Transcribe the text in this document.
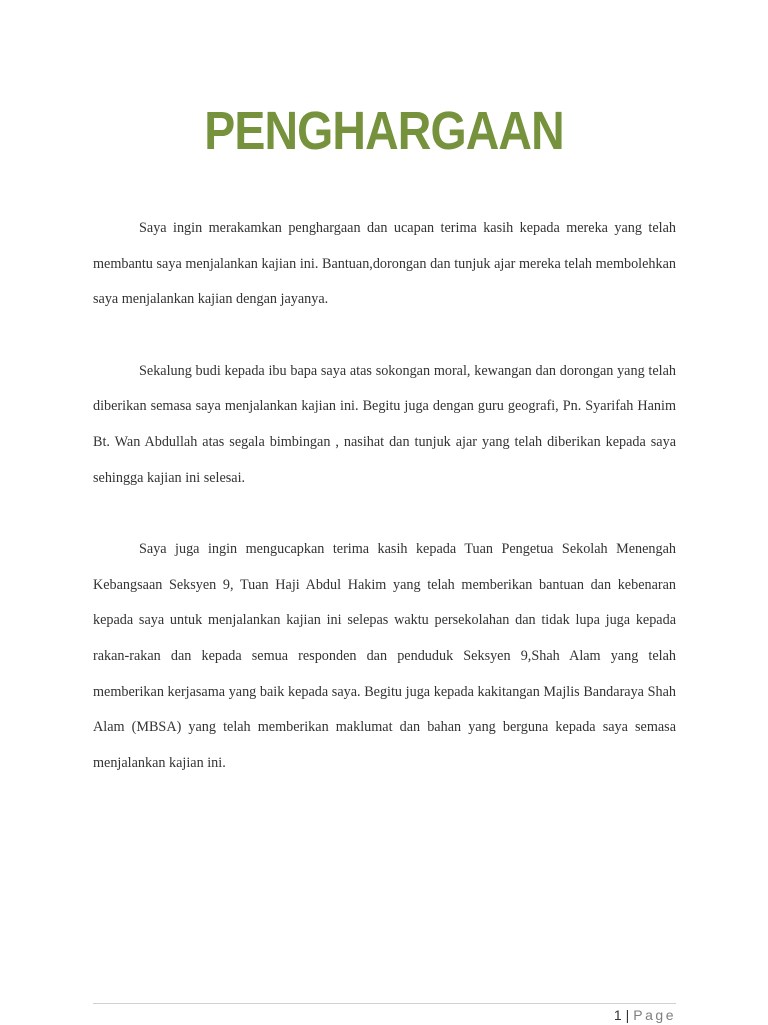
PENGHARGAAN

Saya ingin merakamkan penghargaan dan ucapan terima kasih kepada mereka yang telah membantu saya menjalankan kajian ini. Bantuan,dorongan dan tunjuk ajar mereka telah membolehkan saya menjalankan kajian dengan jayanya.

Sekalung budi kepada ibu bapa saya atas sokongan moral, kewangan dan dorongan yang telah diberikan semasa saya menjalankan kajian ini. Begitu juga dengan guru geografi, Pn. Syarifah Hanim Bt. Wan Abdullah atas segala bimbingan , nasihat dan tunjuk ajar yang telah diberikan kepada saya sehingga kajian ini selesai.

Saya juga ingin mengucapkan terima kasih kepada Tuan Pengetua Sekolah Menengah Kebangsaan Seksyen 9, Tuan Haji Abdul Hakim yang telah memberikan bantuan dan kebenaran kepada saya untuk menjalankan kajian ini selepas waktu persekolahan dan tidak lupa juga kepada rakan-rakan dan kepada semua responden dan penduduk Seksyen 9,Shah Alam yang telah memberikan kerjasama yang baik kepada saya. Begitu juga kepada kakitangan Majlis Bandaraya Shah Alam (MBSA) yang telah memberikan maklumat dan bahan yang berguna kepada saya semasa menjalankan kajian ini.

1 | Page
